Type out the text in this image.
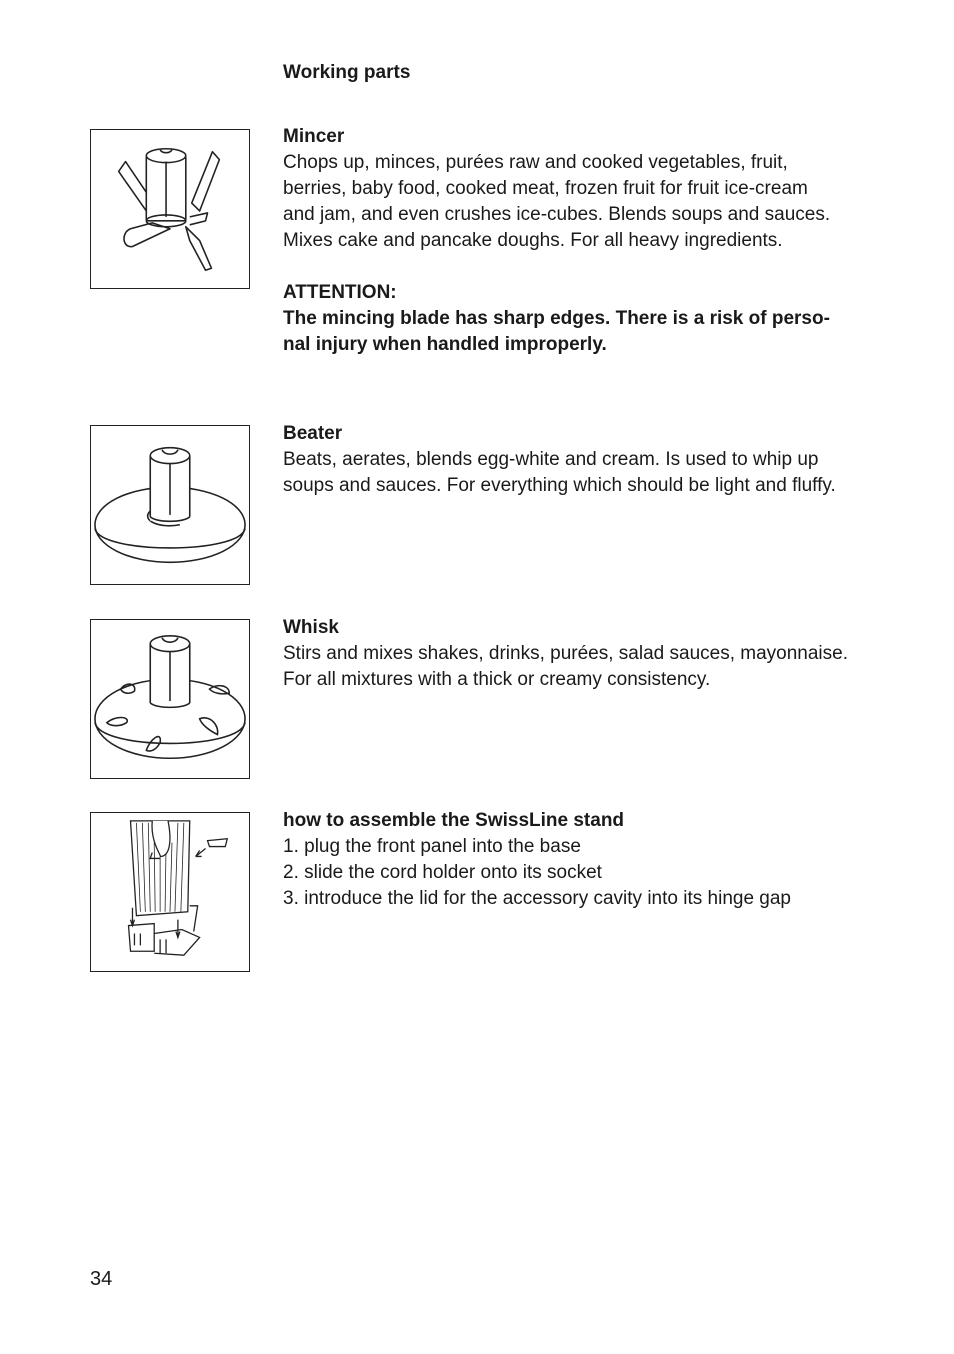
Working parts
Mincer
Chops up, minces, purées raw and cooked vegetables, fruit,
berries, baby food, cooked meat, frozen fruit for fruit ice-cream
and jam, and even crushes ice-cubes. Blends soups and sauces.
Mixes cake and pancake doughs. For all heavy ingredients.
ATTENTION:
The mincing blade has sharp edges. There is a risk of perso-
nal injury when handled improperly.
Beater
Beats, aerates, blends egg-white and cream. Is used to whip up
soups and sauces. For everything which should be light and fluffy.
Whisk
Stirs and mixes shakes, drinks, purées, salad sauces, mayonnaise.
For all mixtures with a thick or creamy consistency.
how to assemble the SwissLine stand
1. plug the front panel into the base
2. slide the cord holder onto its socket
3. introduce the lid for the accessory cavity into its hinge gap
34
